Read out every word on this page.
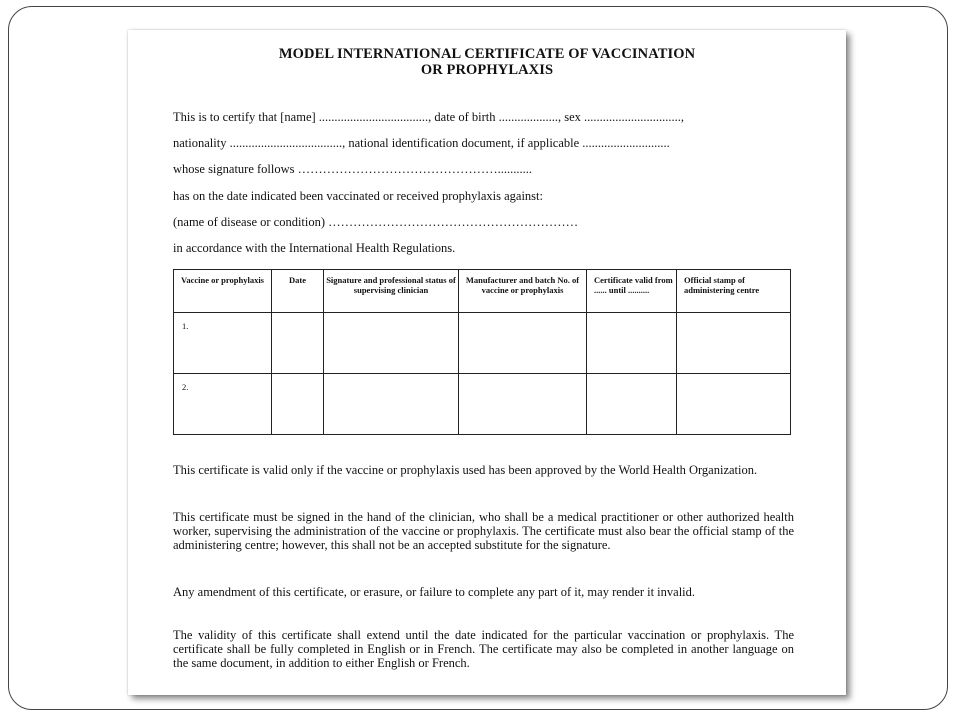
MODEL INTERNATIONAL CERTIFICATE OF VACCINATION
OR PROPHYLAXIS
This is to certify that [name] ..................................., date of birth ..................., sex ...............................,
nationality ...................................., national identification document, if applicable ............................
whose signature follows …………………………………………...........
has on the date indicated been vaccinated or received prophylaxis against:
(name of disease or condition) ……………………………………………………
in accordance with the International Health Regulations.
Vaccine or prophylaxis	Date	Signature and professional status of supervising clinician	Manufacturer and batch No. of vaccine or prophylaxis	Certificate valid from ...... until ..........	Official stamp of administering centre

1.					

2.					

This certificate is valid only if the vaccine or prophylaxis used has been approved by the World Health Organization.
This certificate must be signed in the hand of the clinician, who shall be a medical practitioner or other authorized health worker, supervising the administration of the vaccine or prophylaxis. The certificate must also bear the official stamp of the administering centre; however, this shall not be an accepted substitute for the signature.
Any amendment of this certificate, or erasure, or failure to complete any part of it, may render it invalid.
The validity of this certificate shall extend until the date indicated for the particular vaccination or prophylaxis. The certificate shall be fully completed in English or in French. The certificate may also be completed in another language on the same document, in addition to either English or French.
